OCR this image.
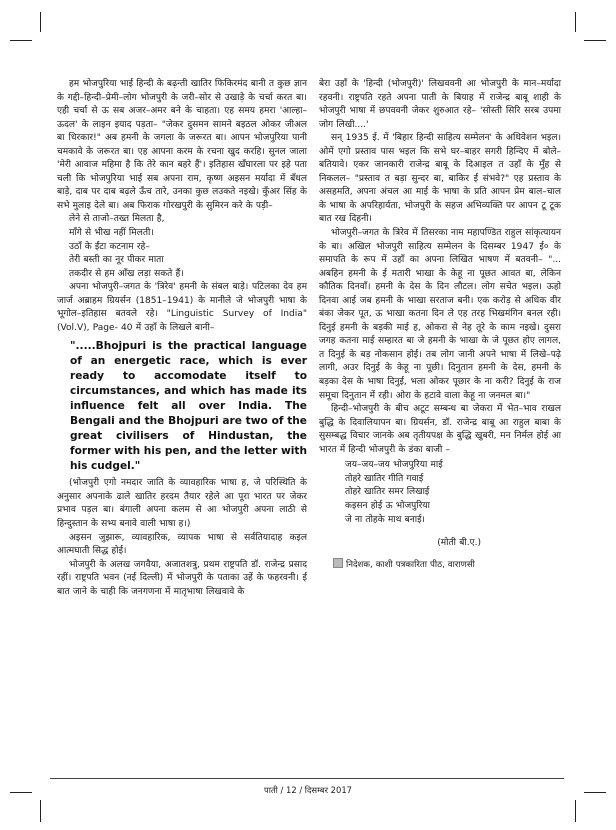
हम भोजपुरिया भाई हिन्दी के बढ़न्ती खातिर फिकिरमंद बानी त कुछ ज्ञान के गद्दी–हिन्दी–प्रेमी–लोग भोजपुरी के जरी–सोर से उखाड़े के चर्चा करत बा। एही चर्चा से ऊ सब अजर–अमर बने के चाहता। एह समय हमरा 'आल्हा–ऊदल' के लाइन इयाद पड़ता– "जेकर दुसमन सामने बइठल ओकर जीअल बा धिरकार!" अब हमनी के जगला के जरूरत बा। आपन भोजपुरिया पानी चमकावे के जरूरत बा। एह आपना करम के रचना खुद करहि। सुनल जाला 'मेरी आवाज महिमा है कि तेरे कान बहरे हैं'। इतिहास खँघारला पर इहे पता चली कि भोजपुरिया भाई सब अपना राम, कृष्ण अइसन मर्यादा में बँधल बाड़े, दाब पर दाब बढ़ले ऊँच तारे, उनका कुछ लउकते नइखे। कुँअर सिंह के सभे मुलाइ देले बा। अब फिराक गोरखपुरी के सुमिरन करे के पड़ी–

लेने से ताजो–तख्त मिलता है,
माँगे से भीख नहीं मिलती।
उठाँ के ईंटा कटनाम रहे–
तेरी बस्ती का नूर पीकर माता
तकदीर से हम आँख लड़ा सकते हैं।

अपना भोजपुरी–जगत के 'त्रिरेव' हमनी के संबल बाड़े। पटिलका देव हम जार्ज अब्राहम ग्रियर्सन (1851–1941) के मानीले जे भोजपुरी भाषा के भूगोल–इतिहास बतवले रहे। "Linguistic Survey of India" (Vol.V), Page- 40 में उहाँ के लिखले बानी–

".....Bhojpuri is the practical language of an energetic race, which is ever ready to accomodate itself to circumstances, and which has made its influence felt all over India. The Bengali and the Bhojpuri are two of the great civilisers of Hindustan, the former with his pen, and the letter with his cudgel."

(भोजपुरी एगो नमदार जाति के व्यावहारिक भाषा ह, जे परिस्थिति के अनुसार अपनाके ढाले खातिर हरदम तैयार रहेले आ पूरा भारत पर जेकर प्रभाव पड़ल बा। बंगाली अपना कलम से आ भोजपुरी अपना लाठी से हिन्दुस्तान के सभ्य बनावे वाली भाषा ह।)

अइसन जुझारू, व्यावहारिक, व्यापक भाषा से सर्वतियादाह कइल आत्मघाती सिद्ध होई।

भोजपुरी के अलख जगवैया, अजातशत्रु, प्रथम राष्ट्रपति डॉ. राजेन्द्र प्रसाद रहीं। राष्ट्रपति भवन (नई दिल्ली) में भोजपुरी के पताका उहें के फहरवनी। ई बात जाने के चाही कि जनगणना में मातृभाषा लिखवावे के

बेरा उहाँ के 'हिन्दी (भोजपुरी)' लिखववनी आ भोजपुरी के मान–मर्यादा रहवनी। राष्ट्रपति रहते अपना पाती के बियाह में राजेन्द्र बाबू शाही के भोजपुरी भाषा में छपववनी जेकर शुरुआत रहे– 'सोस्ती सिरि सरब उपमा जोग लिखी....'

सन् 1935 ई. में 'बिहार हिन्दी साहित्य सम्मेलन' के अधिवेशन भइल। ओमें एगो प्रस्ताव पास भइल कि सभे घर–बाहर सगरी हिन्दिए में बोले–बतियावे। एकर जानकारी राजेन्द्र बाबू के दिआइल त उहाँ के मुँह से निकलल– "प्रस्ताव त बड़ा सुन्दर बा, बाकिर ई संभवे?" एह प्रस्ताव के असहमति, अपना अंचल आ माई के भाषा के प्रति आपन प्रेम बाल–चाल के भाषा के अपरिहार्यता, भोजपुरी के सहज अभिव्यक्ति पर आपन टू टूक बात रख दिहनी।

भोजपुरी–जगत के त्रिरेव में तिसरका नाम महापण्डित राहुल सांकृत्यायन के बा। अखिल भोजपुरी साहित्य सम्मेलन के दिसम्बर 1947 ई० के समापति के रूप में उहाँ का अपना लिखित भाषण में बतवनी– "... अबहिन हमनी के ई मतारी भाखा के केहू ना पूछत आवत बा, लेकिन कौतिक दिनवाँ। हमनी के देस के दिन लौटल। लोग सचेत भइल। ऊहो दिनवा आई जब हमनी के भाखा सरताज बनी। एक करोड़ से अधिक वीर बंका जेकर पूत, ऊ भाखा कतना दिन ले एह तरह भिखमंगिन बनल रही। दिनुई हमनी के बड़की माई ह, ओकरा से नेह तूरे के काम नइखे। दुसरा जगह कतना माई सम्हारत बा जे हमनी के भाखा के जे पूछत होए लागल, त दिनुई के बड़ नोकसान होई। तब लोग जानी अपने भाषा में लिखे–पढ़े लागी, अउर दिनुई के केहू ना पूछी। दिनुतान हमनी के देस, हमनी के बड़का देस के भाषा दिनुई, भला ओकर पूछार के ना करी? दिनुई के राज समूचा दिनुतान में रही। ओरा के हटावे वाला केहू ना जनमल बा।"

हिन्दी–भोजपुरी के बीच अटूट सम्बन्ध बा जेकरा में भेत–भाव राखल बुद्धि के दिवालियापन बा। ग्रियर्सन, डॉ. राजेन्द्र बाबू आ राहुल बाबा के सुसम्बद्ध विचार जानके अब तृतीयपक्ष के बुद्धि खुबरी, मन निर्मल होई आ भारत में हिन्दी भोजपुरी के डंका बाजी –

जय–जय–जय भोजपुरिया माई
तोहरे खातिर गीति गवाई
तोहरे खातिर समर लिखाई
कइसन होई ऊ भोजपुरिया
जे ना तोहके माथ बनाई।
(मोती बी.ए.)
निदेशक, काशी पत्रकारिता पीठ, वाराणसी
पाती / 12 / दिसम्बर 2017
